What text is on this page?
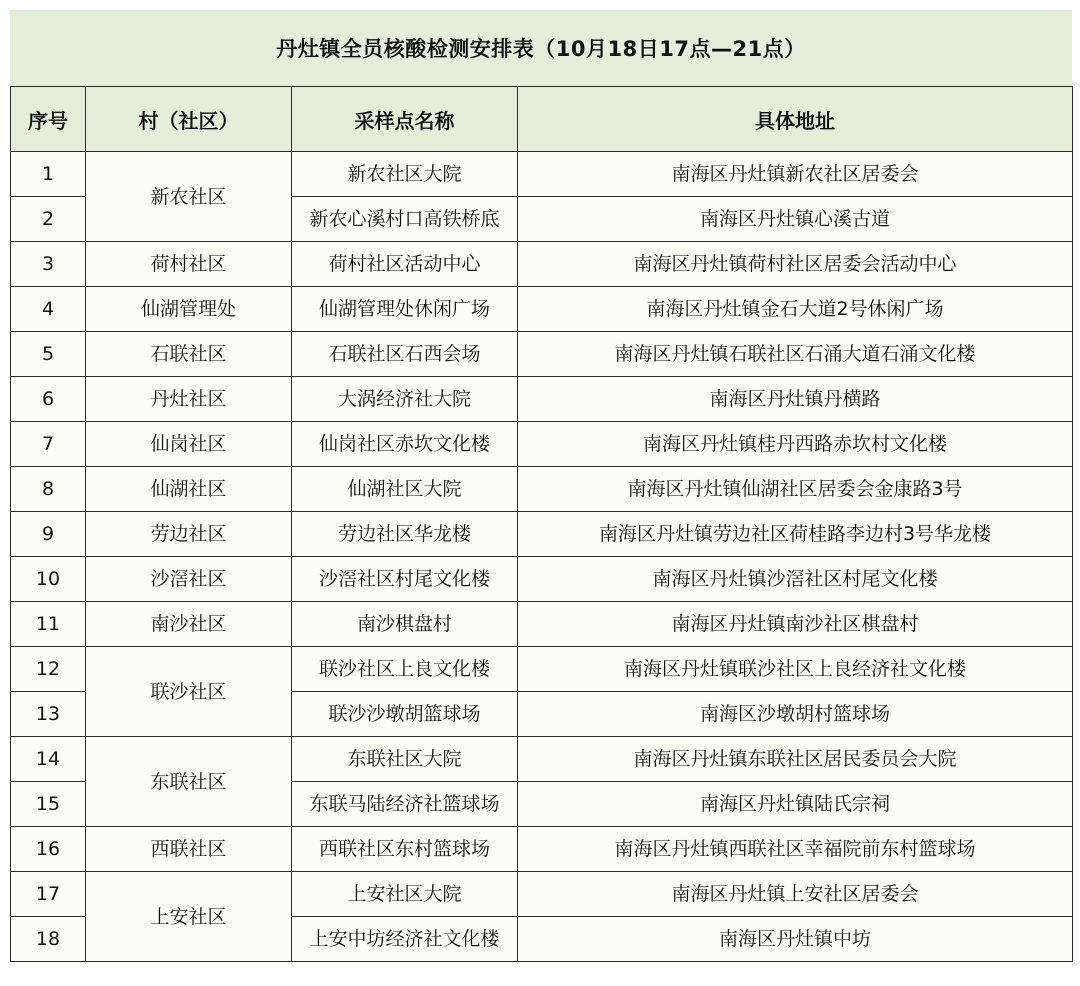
丹灶镇全员核酸检测安排表（10月18日17点—21点）
序号	村（社区）	采样点名称	具体地址
1	新农社区	新农社区大院	南海区丹灶镇新农社区居委会
2		新农心溪村口高铁桥底	南海区丹灶镇心溪古道
3	荷村社区	荷村社区活动中心	南海区丹灶镇荷村社区居委会活动中心
4	仙湖管理处	仙湖管理处休闲广场	南海区丹灶镇金石大道2号休闲广场
5	石联社区	石联社区石西会场	南海区丹灶镇石联社区石涌大道石涌文化楼
6	丹灶社区	大涡经济社大院	南海区丹灶镇丹横路
7	仙岗社区	仙岗社区赤坎文化楼	南海区丹灶镇桂丹西路赤坎村文化楼
8	仙湖社区	仙湖社区大院	南海区丹灶镇仙湖社区居委会金康路3号
9	劳边社区	劳边社区华龙楼	南海区丹灶镇劳边社区荷桂路李边村3号华龙楼
10	沙滘社区	沙滘社区村尾文化楼	南海区丹灶镇沙滘社区村尾文化楼
11	南沙社区	南沙棋盘村	南海区丹灶镇南沙社区棋盘村
12	联沙社区	联沙社区上良文化楼	南海区丹灶镇联沙社区上良经济社文化楼
13		联沙沙墩胡篮球场	南海区沙墩胡村篮球场
14	东联社区	东联社区大院	南海区丹灶镇东联社区居民委员会大院
15		东联马陆经济社篮球场	南海区丹灶镇陆氏宗祠
16	西联社区	西联社区东村篮球场	南海区丹灶镇西联社区幸福院前东村篮球场
17	上安社区	上安社区大院	南海区丹灶镇上安社区居委会
18		上安中坊经济社文化楼	南海区丹灶镇中坊
